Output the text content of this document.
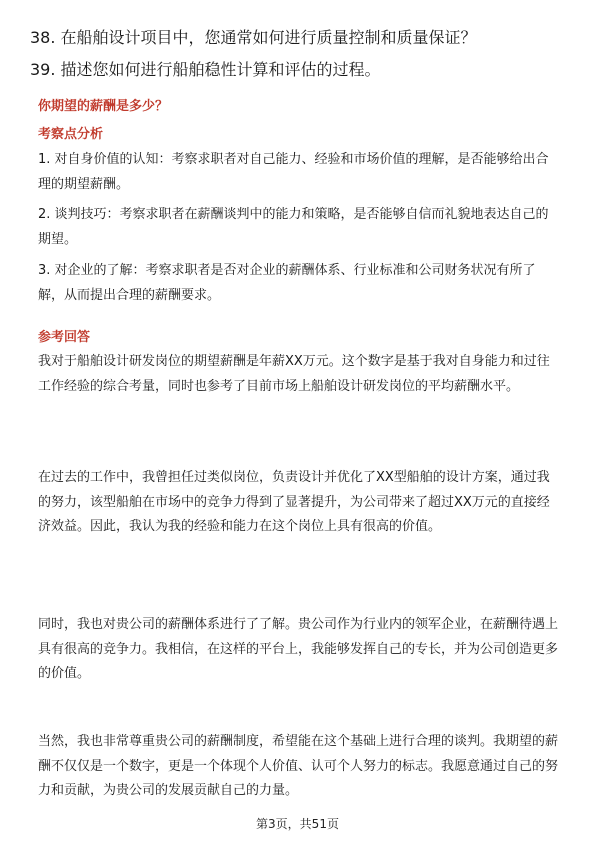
38. 在船舶设计项目中，您通常如何进行质量控制和质量保证？
39. 描述您如何进行船舶稳性计算和评估的过程。
你期望的薪酬是多少？
考察点分析
1. 对自身价值的认知：考察求职者对自己能力、经验和市场价值的理解，是否能够给出合理的期望薪酬。
2. 谈判技巧：考察求职者在薪酬谈判中的能力和策略，是否能够自信而礼貌地表达自己的期望。
3. 对企业的了解：考察求职者是否对企业的薪酬体系、行业标准和公司财务状况有所了解，从而提出合理的薪酬要求。
参考回答
我对于船舶设计研发岗位的期望薪酬是年薪XX万元。这个数字是基于我对自身能力和过往工作经验的综合考量，同时也参考了目前市场上船舶设计研发岗位的平均薪酬水平。
在过去的工作中，我曾担任过类似岗位，负责设计并优化了XX型船舶的设计方案，通过我的努力，该型船舶在市场中的竞争力得到了显著提升，为公司带来了超过XX万元的直接经济效益。因此，我认为我的经验和能力在这个岗位上具有很高的价值。
同时，我也对贵公司的薪酬体系进行了了解。贵公司作为行业内的领军企业，在薪酬待遇上具有很高的竞争力。我相信，在这样的平台上，我能够发挥自己的专长，并为公司创造更多的价值。
当然，我也非常尊重贵公司的薪酬制度，希望能在这个基础上进行合理的谈判。我期望的薪酬不仅仅是一个数字，更是一个体现个人价值、认可个人努力的标志。我愿意通过自己的努力和贡献，为贵公司的发展贡献自己的力量。
第3页，共51页
